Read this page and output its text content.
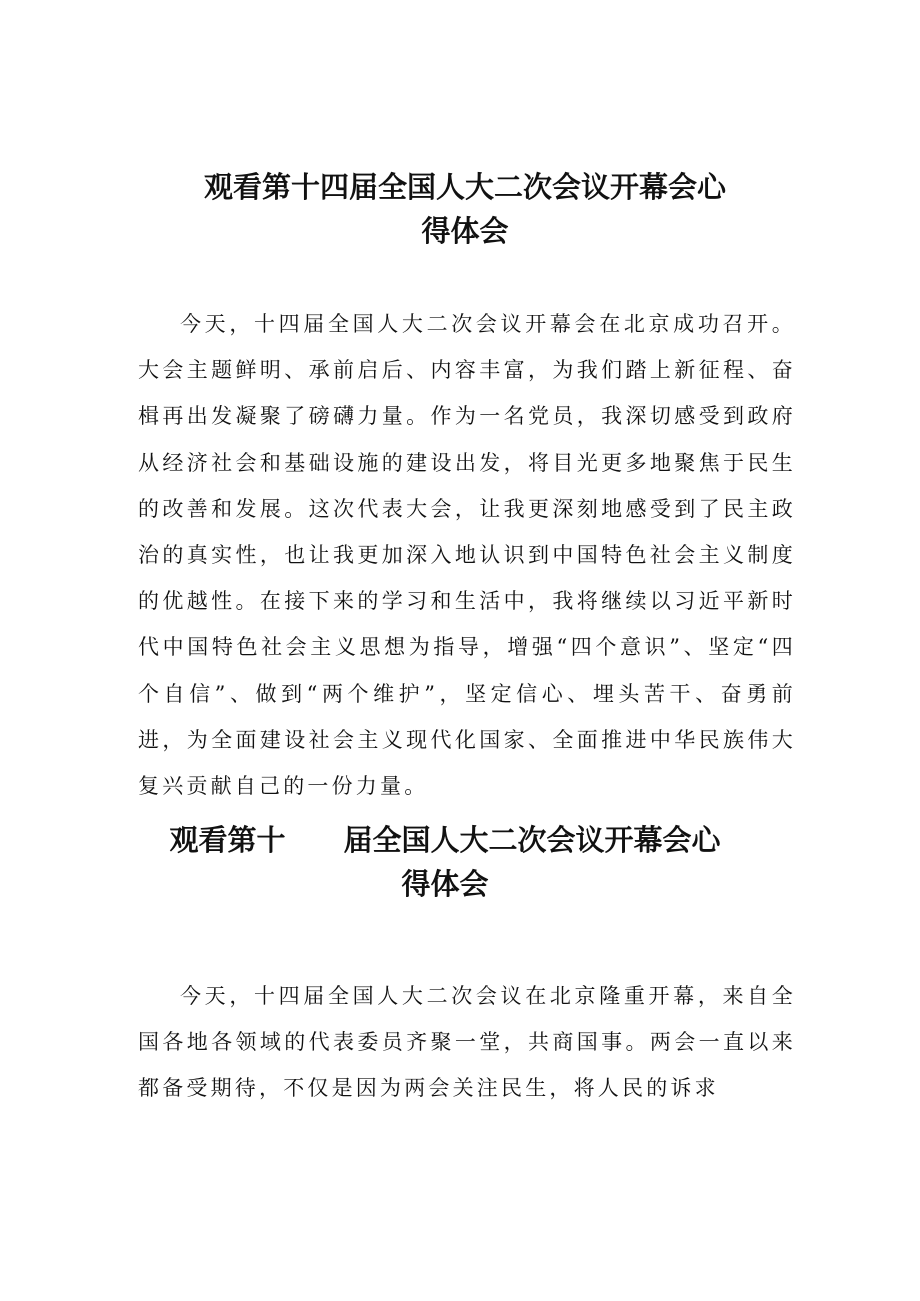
观看第十四届全国人大二次会议开幕会心
得体会

今天，十四届全国人大二次会议开幕会在北京成功召开。大会主题鲜明、承前启后、内容丰富，为我们踏上新征程、奋楫再出发凝聚了磅礴力量。作为一名党员，我深切感受到政府从经济社会和基础设施的建设出发，将目光更多地聚焦于民生的改善和发展。这次代表大会，让我更深刻地感受到了民主政治的真实性，也让我更加深入地认识到中国特色社会主义制度的优越性。在接下来的学习和生活中，我将继续以习近平新时代中国特色社会主义思想为指导，增强“四个意识”、坚定“四个自信”、做到“两个维护”，坚定信心、埋头苦干、奋勇前进，为全面建设社会主义现代化国家、全面推进中华民族伟大复兴贡献自己的一份力量。

观看第十　　届全国人大二次会议开幕会心
得体会

今天，十四届全国人大二次会议在北京隆重开幕，来自全国各地各领域的代表委员齐聚一堂，共商国事。两会一直以来都备受期待，不仅是因为两会关注民生，将人民的诉求
